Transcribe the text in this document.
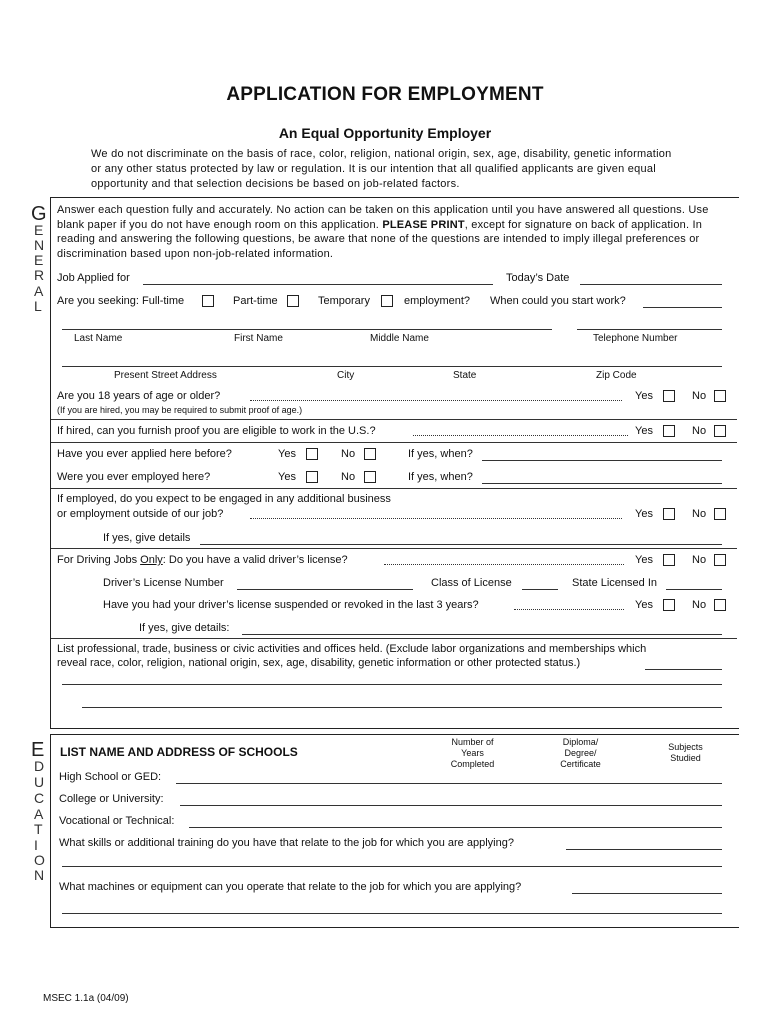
APPLICATION FOR EMPLOYMENT
An Equal Opportunity Employer
We do not discriminate on the basis of race, color, religion, national origin, sex, age, disability, genetic information or any other status protected by law or regulation. It is our intention that all qualified applicants are given equal opportunity and that selection decisions be based on job-related factors.
G
E
N
E
R
A
L
Answer each question fully and accurately. No action can be taken on this application until you have answered all questions. Use blank paper if you do not have enough room on this application. PLEASE PRINT, except for signature on back of application. In reading and answering the following questions, be aware that none of the questions are intended to imply illegal preferences or discrimination based upon non-job-related information.
Job Applied for	Today’s Date
Are you seeking: Full-time	Part-time	Temporary	employment? When could you start work?
Last Name	First Name	Middle Name	Telephone Number
Present Street Address	City	State	Zip Code
Are you 18 years of age or older?	Yes	No
(If you are hired, you may be required to submit proof of age.)
If hired, can you furnish proof you are eligible to work in the U.S.?	Yes	No
Have you ever applied here before?	Yes	No	If yes, when?
Were you ever employed here?	Yes	No	If yes, when?
If employed, do you expect to be engaged in any additional business
or employment outside of our job?	Yes	No
If yes, give details
For Driving Jobs Only: Do you have a valid driver’s license?	Yes	No
Driver’s License Number	Class of License	State Licensed In
Have you had your driver’s license suspended or revoked in the last 3 years?	Yes	No
If yes, give details:
List professional, trade, business or civic activities and offices held. (Exclude labor organizations and memberships which
reveal race, color, religion, national origin, sex, age, disability, genetic information or other protected status.)
E
D
U
C
A
T
I
O
N
LIST NAME AND ADDRESS OF SCHOOLS
Number of
Years
Completed
Diploma/
Degree/
Certificate
Subjects
Studied
High School or GED:
College or University:
Vocational or Technical:
What skills or additional training do you have that relate to the job for which you are applying?
What machines or equipment can you operate that relate to the job for which you are applying?
MSEC 1.1a (04/09)
